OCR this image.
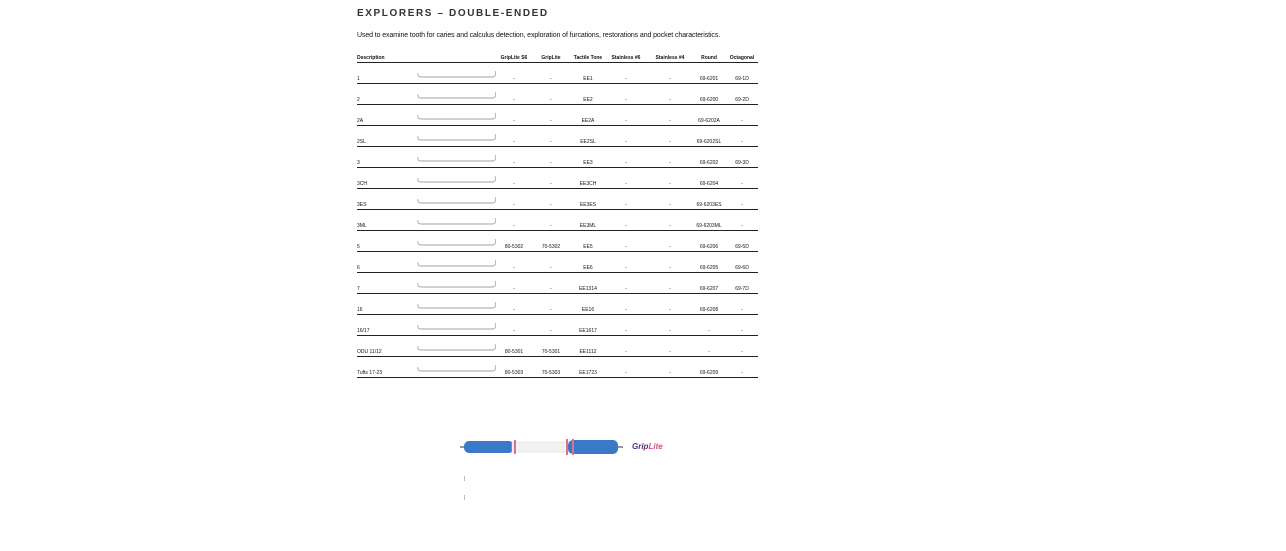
EXPLORERS – DOUBLE-ENDED
Used to examine tooth for caries and calculus detection, exploration of furcations, restorations and pocket characteristics.
Description	GripLite S6	GripLite	Tactile Tone	Stainless #6	Stainless #4	Round	Octagonal
1	-	-	EE1	-	-	69-6201	69-1D
2	-	-	EE2	-	-	69-6200	69-2D
2A	-	-	EE2A	-	-	69-6202A	-
2SL	-	-	EE2SL	-	-	69-6202SL	-
3	-	-	EE3	-	-	69-6202	69-3D
3CH	-	-	EE3CH	-	-	69-6204	-
3ES	-	-	EE3ES	-	-	69-6203ES	-
3ML	-	-	EE3ML	-	-	69-6203ML	-
5	80-5302	70-5302	EE5	-	-	69-6206	69-5D
6	-	-	EE6	-	-	69-6205	69-6D
7	-	-	EE1314	-	-	69-6207	69-7D
16	-	-	EE16	-	-	69-6208	-
16/17	-	-	EE1617	-	-	-	-
ODU 11/12	80-5301	70-5301	EE1112	-	-	-	-
Tufts 17-23	80-5303	70-5303	EE1723	-	-	69-6209	-
GripLite
